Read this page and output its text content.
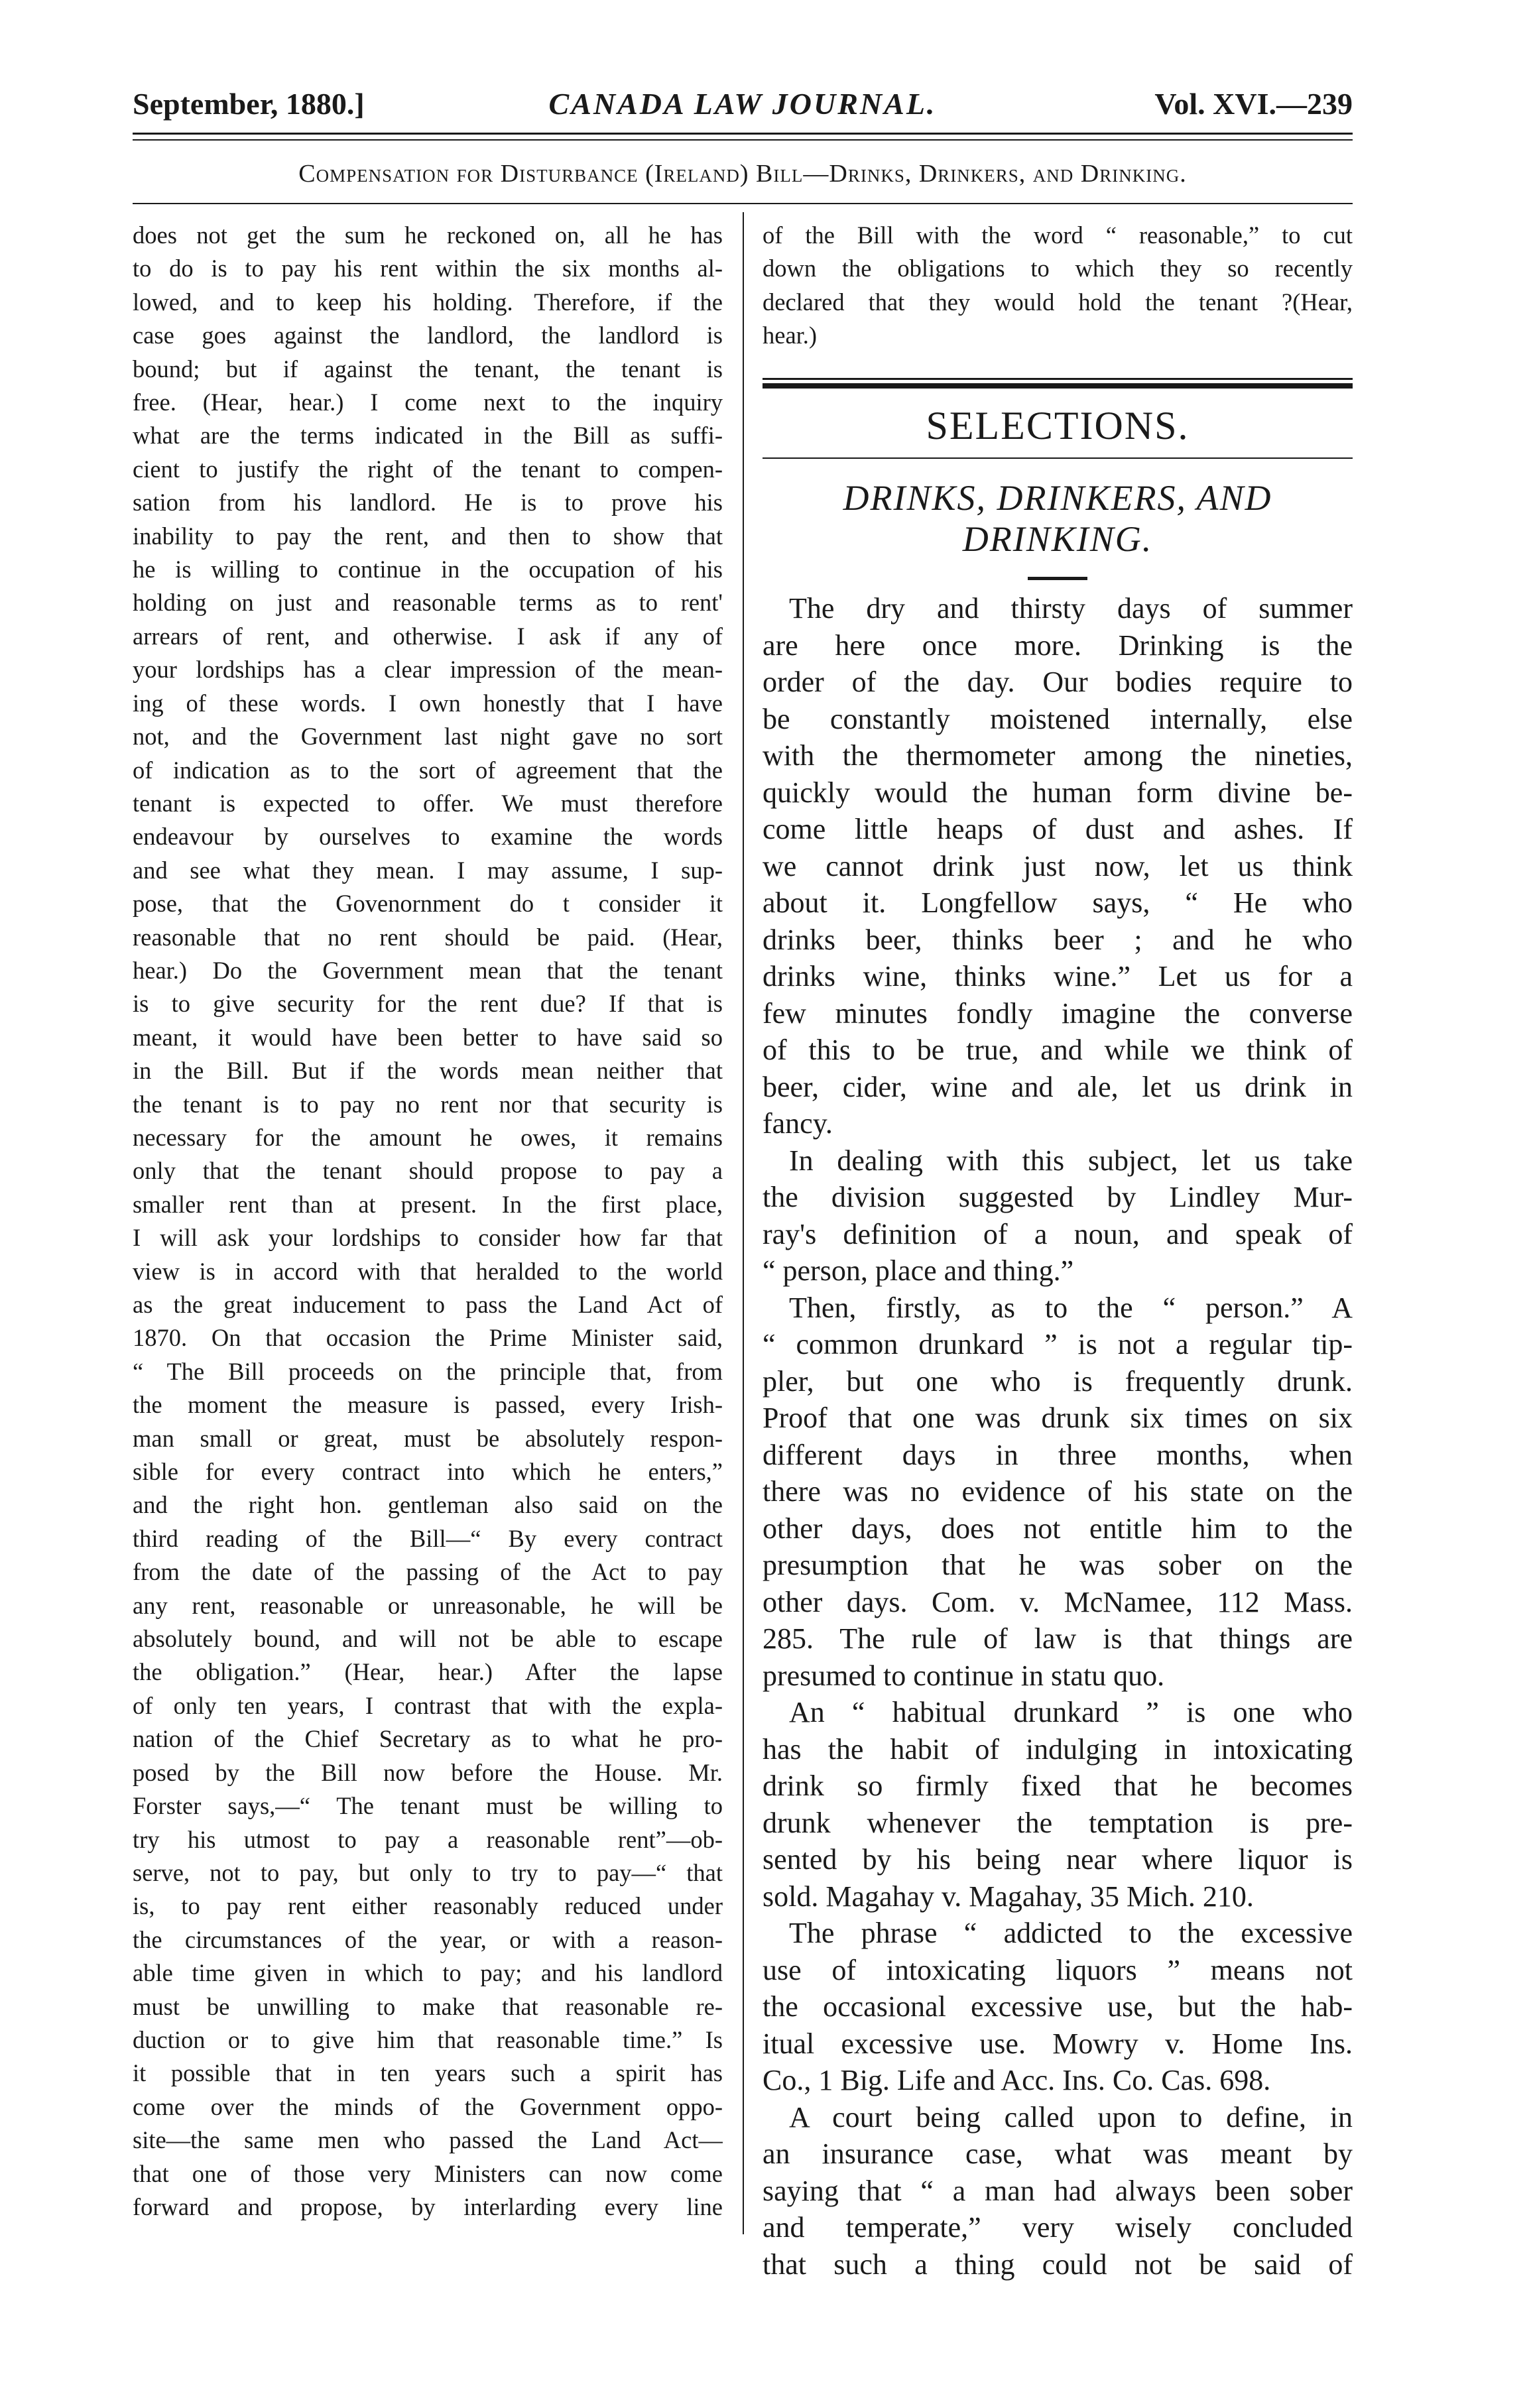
September, 1880.]	CANADA LAW JOURNAL.	Vol. XVI.—239
Compensation for Disturbance (Ireland) Bill—Drinks, Drinkers, and Drinking.

does not get the sum he reckoned on, all he has
to do is to pay his rent within the six months al-
lowed, and to keep his holding. Therefore, if the
case goes against the landlord, the landlord is
bound; but if against the tenant, the tenant is
free. (Hear, hear.) I come next to the inquiry
what are the terms indicated in the Bill as suffi-
cient to justify the right of the tenant to compen-
sation from his landlord. He is to prove his
inability to pay the rent, and then to show that
he is willing to continue in the occupation of his
holding on just and reasonable terms as to rent'
arrears of rent, and otherwise. I ask if any of
your lordships has a clear impression of the mean-
ing of these words. I own honestly that I have
not, and the Government last night gave no sort
of indication as to the sort of agreement that the
tenant is expected to offer. We must therefore
endeavour by ourselves to examine the words
and see what they mean. I may assume, I sup-
pose, that the Govenornment do t consider it
reasonable that no rent should be paid. (Hear,
hear.) Do the Government mean that the tenant
is to give security for the rent due? If that is
meant, it would have been better to have said so
in the Bill. But if the words mean neither that
the tenant is to pay no rent nor that security is
necessary for the amount he owes, it remains
only that the tenant should propose to pay a
smaller rent than at present. In the first place,
I will ask your lordships to consider how far that
view is in accord with that heralded to the world
as the great inducement to pass the Land Act of
1870. On that occasion the Prime Minister said,
“ The Bill proceeds on the principle that, from
the moment the measure is passed, every Irish-
man small or great, must be absolutely respon-
sible for every contract into which he enters,”
and the right hon. gentleman also said on the
third reading of the Bill—“ By every contract
from the date of the passing of the Act to pay
any rent, reasonable or unreasonable, he will be
absolutely bound, and will not be able to escape
the obligation.” (Hear, hear.) After the lapse
of only ten years, I contrast that with the expla-
nation of the Chief Secretary as to what he pro-
posed by the Bill now before the House. Mr.
Forster says,—“ The tenant must be willing to
try his utmost to pay a reasonable rent”—ob-
serve, not to pay, but only to try to pay—“ that
is, to pay rent either reasonably reduced under
the circumstances of the year, or with a reason-
able time given in which to pay; and his landlord
must be unwilling to make that reasonable re-
duction or to give him that reasonable time.” Is
it possible that in ten years such a spirit has
come over the minds of the Government oppo-
site—the same men who passed the Land Act—
that one of those very Ministers can now come
forward and propose, by interlarding every line

of the Bill with the word “ reasonable,” to cut
down the obligations to which they so recently
declared that they would hold the tenant ?(Hear,
hear.)

SELECTIONS.
DRINKS, DRINKERS, AND
DRINKING.

The dry and thirsty days of summer
are here once more. Drinking is the
order of the day. Our bodies require to
be constantly moistened internally, else
with the thermometer among the nineties,
quickly would the human form divine be-
come little heaps of dust and ashes. If
we cannot drink just now, let us think
about it. Longfellow says, “ He who
drinks beer, thinks beer ; and he who
drinks wine, thinks wine.” Let us for a
few minutes fondly imagine the converse
of this to be true, and while we think of
beer, cider, wine and ale, let us drink in
fancy.

In dealing with this subject, let us take
the division suggested by Lindley Mur-
ray's definition of a noun, and speak of
“ person, place and thing.”

Then, firstly, as to the “ person.” A
“ common drunkard ” is not a regular tip-
pler, but one who is frequently drunk.
Proof that one was drunk six times on six
different days in three months, when
there was no evidence of his state on the
other days, does not entitle him to the
presumption that he was sober on the
other days. Com. v. McNamee, 112 Mass.
285. The rule of law is that things are
presumed to continue in statu quo.

An “ habitual drunkard ” is one who
has the habit of indulging in intoxicating
drink so firmly fixed that he becomes
drunk whenever the temptation is pre-
sented by his being near where liquor is
sold. Magahay v. Magahay, 35 Mich. 210.

The phrase “ addicted to the excessive
use of intoxicating liquors ” means not
the occasional excessive use, but the hab-
itual excessive use. Mowry v. Home Ins.
Co., 1 Big. Life and Acc. Ins. Co. Cas. 698.

A court being called upon to define, in
an insurance case, what was meant by
saying that “ a man had always been sober
and temperate,” very wisely concluded
that such a thing could not be said of
